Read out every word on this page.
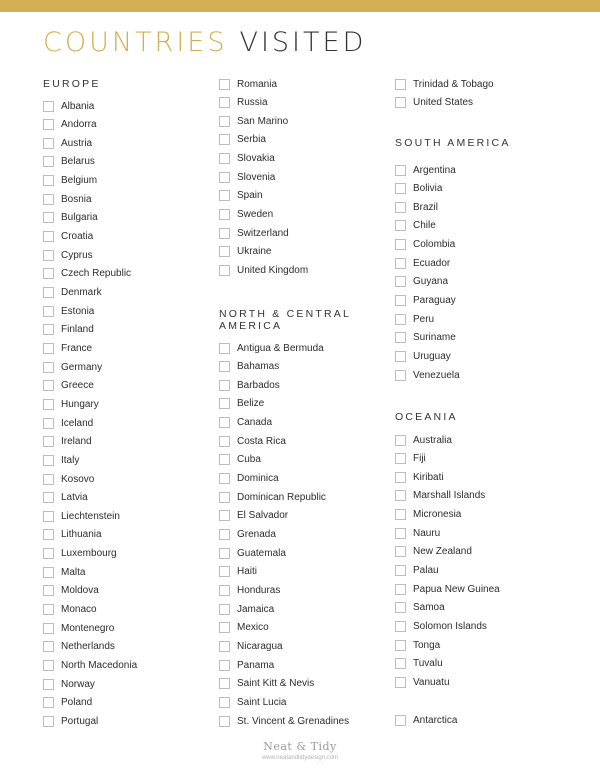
COUNTRIES VISITED
EUROPE
Albania
Andorra
Austria
Belarus
Belgium
Bosnia
Bulgaria
Croatia
Cyprus
Czech Republic
Denmark
Estonia
Finland
France
Germany
Greece
Hungary
Iceland
Ireland
Italy
Kosovo
Latvia
Liechtenstein
Lithuania
Luxembourg
Malta
Moldova
Monaco
Montenegro
Netherlands
North Macedonia
Norway
Poland
Portugal
Romania
Russia
San Marino
Serbia
Slovakia
Slovenia
Spain
Sweden
Switzerland
Ukraine
United Kingdom
NORTH & CENTRAL
AMERICA
Antigua & Bermuda
Bahamas
Barbados
Belize
Canada
Costa Rica
Cuba
Dominica
Dominican Republic
El Salvador
Grenada
Guatemala
Haiti
Honduras
Jamaica
Mexico
Nicaragua
Panama
Saint Kitt & Nevis
Saint Lucia
St. Vincent & Grenadines
Trinidad & Tobago
United States
SOUTH AMERICA
Argentina
Bolivia
Brazil
Chile
Colombia
Ecuador
Guyana
Paraguay
Peru
Suriname
Uruguay
Venezuela
OCEANIA
Australia
Fiji
Kiribati
Marshall Islands
Micronesia
Nauru
New Zealand
Palau
Papua New Guinea
Samoa
Solomon Islands
Tonga
Tuvalu
Vanuatu
Antarctica
Neat & Tidy
www.neatandtidydesign.com
